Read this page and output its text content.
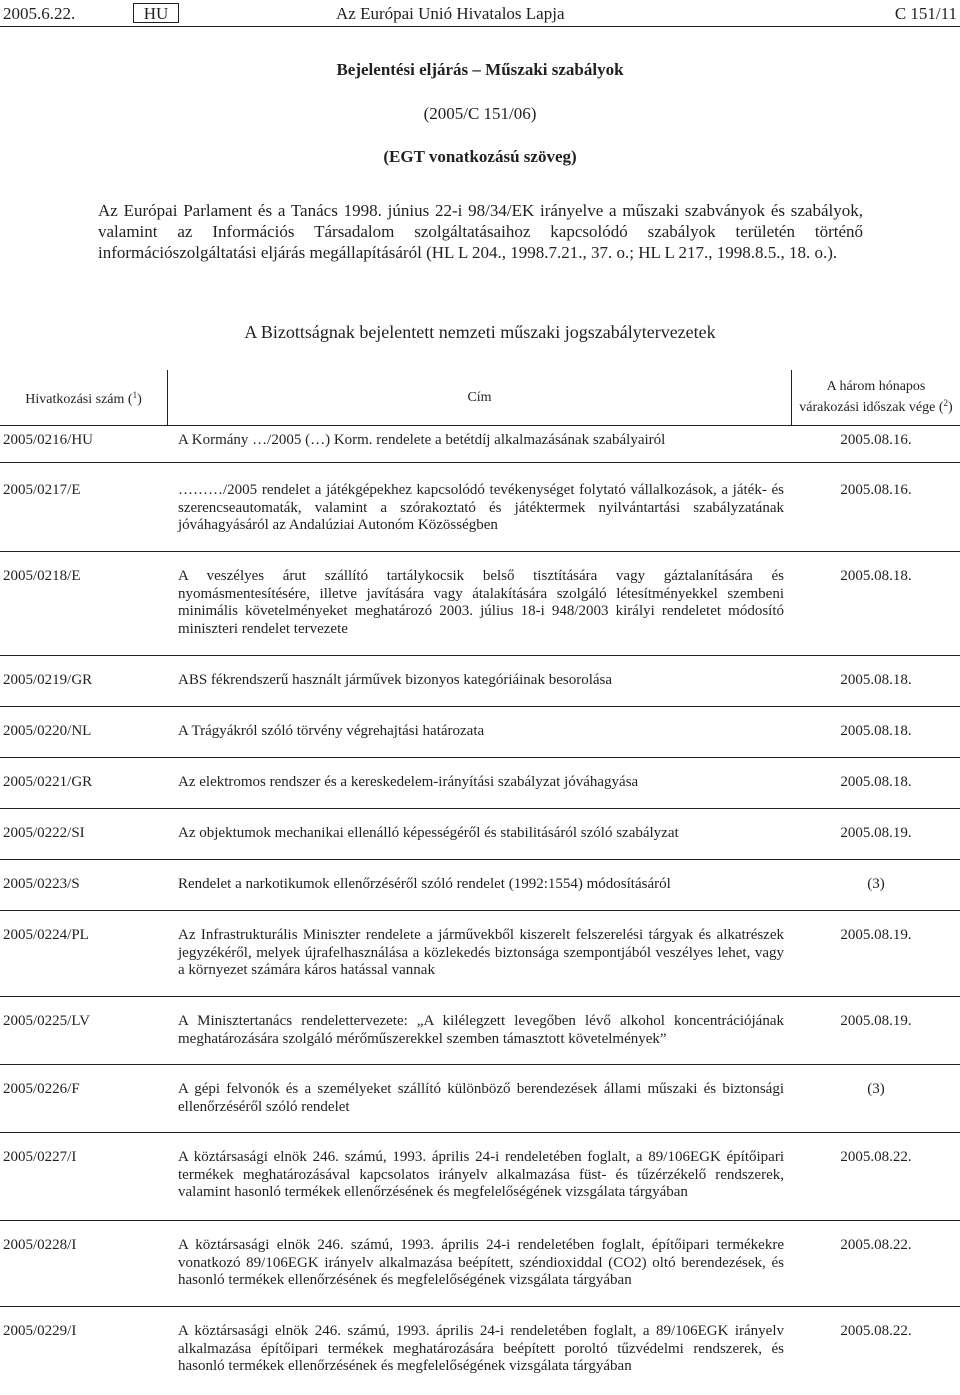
2005.6.22.	HU	Az Európai Unió Hivatalos Lapja	C 151/11
Bejelentési eljárás – Műszaki szabályok
(2005/C 151/06)
(EGT vonatkozású szöveg)
Az Európai Parlament és a Tanács 1998. június 22-i 98/34/EK irányelve a műszaki szabványok és szabályok, valamint az Információs Társadalom szolgáltatásaihoz kapcsolódó szabályok területén történő információszolgáltatási eljárás megállapításáról (HL L 204., 1998.7.21., 37. o.; HL L 217., 1998.8.5., 18. o.).
A Bizottságnak bejelentett nemzeti műszaki jogszabálytervezetek
Hivatkozási szám ($^1$)	Cím
A három hónapos
várakozási időszak vége ($^2$)
2005/0216/HU	A Kormány …/2005 (…) Korm. rendelete a betétdíj alkalmazásának szabályairól	2005.08.16.
2005/0217/E	………/2005 rendelet a játékgépekhez kapcsolódó tevékenységet folytató vállalkozások, a játék- és szerencseautomaták, valamint a szórakoztató és játéktermek nyilvántartási szabályzatának jóváhagyásáról az Andalúziai Autonóm Közösségben
2005.08.16.
2005/0218/E	A veszélyes árut szállító tartálykocsik belső tisztítására vagy gáztalanítására és nyomásmentesítésére, illetve javítására vagy átalakítására szolgáló létesítményekkel szembeni minimális követelményeket meghatározó 2003. július 18-i 948/2003 királyi rendeletet módosító miniszteri rendelet tervezete
2005.08.18.
2005/0219/GR	ABS fékrendszerű használt járművek bizonyos kategóriáinak besorolása	2005.08.18.
2005/0220/NL	A Trágyákról szóló törvény végrehajtási határozata	2005.08.18.
2005/0221/GR	Az elektromos rendszer és a kereskedelem-irányítási szabályzat jóváhagyása	2005.08.18.
2005/0222/SI	Az objektumok mechanikai ellenálló képességéről és stabilitásáról szóló szabályzat	2005.08.19.
2005/0223/S	Rendelet a narkotikumok ellenőrzéséről szóló rendelet (1992:1554) módosításáról	(3)
2005/0224/PL	Az Infrastrukturális Miniszter rendelete a járművekből kiszerelt felszerelési tárgyak és alkatrészek jegyzékéről, melyek újrafelhasználása a közlekedés biztonsága szempontjából veszélyes lehet, vagy a környezet számára káros hatással vannak
2005.08.19.
2005/0225/LV	A Minisztertanács rendelettervezete: „A kilélegzett levegőben lévő alkohol koncentrációjának meghatározására szolgáló mérőműszerekkel szemben támasztott követelmények”
2005.08.19.
2005/0226/F	A gépi felvonók és a személyeket szállító különböző berendezések állami műszaki és biztonsági ellenőrzéséről szóló rendelet
(3)
2005/0227/I	A köztársasági elnök 246. számú, 1993. április 24-i rendeletében foglalt, a 89/106EGK építőipari termékek meghatározásával kapcsolatos irányelv alkalmazása füst- és tűzérzékelő rendszerek, valamint hasonló termékek ellenőrzésének és megfelelőségének vizsgálata tárgyában
2005.08.22.
2005/0228/I	A köztársasági elnök 246. számú, 1993. április 24-i rendeletében foglalt, építőipari termékekre vonatkozó 89/106EGK irányelv alkalmazása beépített, széndioxiddal (CO2) oltó berendezések, és hasonló termékek ellenőrzésének és megfelelőségének vizsgálata tárgyában
2005.08.22.
2005/0229/I	A köztársasági elnök 246. számú, 1993. április 24-i rendeletében foglalt, a 89/106EGK irányelv alkalmazása építőipari termékek meghatározására beépített poroltó tűzvédelmi rendszerek, és hasonló termékek ellenőrzésének és megfelelőségének vizsgálata tárgyában
2005.08.22.
